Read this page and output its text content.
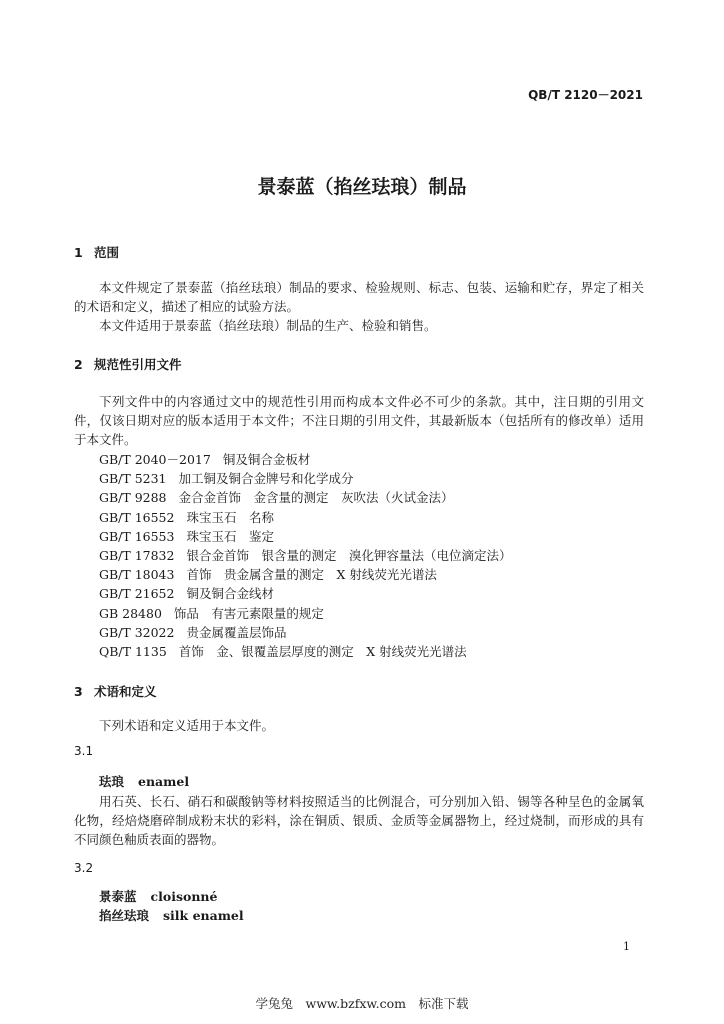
QB/T 2120－2021
景泰蓝（掐丝珐琅）制品
1 范围
本文件规定了景泰蓝（掐丝珐琅）制品的要求、检验规则、标志、包装、运输和贮存，界定了相关的术语和定义，描述了相应的试验方法。
本文件适用于景泰蓝（掐丝珐琅）制品的生产、检验和销售。
2 规范性引用文件
下列文件中的内容通过文中的规范性引用而构成本文件必不可少的条款。其中，注日期的引用文件，仅该日期对应的版本适用于本文件；不注日期的引用文件，其最新版本（包括所有的修改单）适用于本文件。
GB/T 2040－2017 铜及铜合金板材
GB/T 5231 加工铜及铜合金牌号和化学成分
GB/T 9288 金合金首饰　金含量的测定　灰吹法（火试金法）
GB/T 16552 珠宝玉石　名称
GB/T 16553 珠宝玉石　鉴定
GB/T 17832 银合金首饰　银含量的测定　溴化钾容量法（电位滴定法）
GB/T 18043 首饰　贵金属含量的测定　X 射线荧光光谱法
GB/T 21652 铜及铜合金线材
GB 28480 饰品　有害元素限量的规定
GB/T 32022 贵金属覆盖层饰品
QB/T 1135 首饰　金、银覆盖层厚度的测定　X 射线荧光光谱法
3 术语和定义
下列术语和定义适用于本文件。
3.1
珐琅 enamel
用石英、长石、硝石和碳酸钠等材料按照适当的比例混合，可分别加入铅、锡等各种呈色的金属氧化物，经焙烧磨碎制成粉末状的彩料，涂在铜质、银质、金质等金属器物上，经过烧制，而形成的具有不同颜色釉质表面的器物。
3.2
景泰蓝 cloisonné
掐丝珐琅 silk enamel
1
学兔兔　www.bzfxw.com　标准下载
